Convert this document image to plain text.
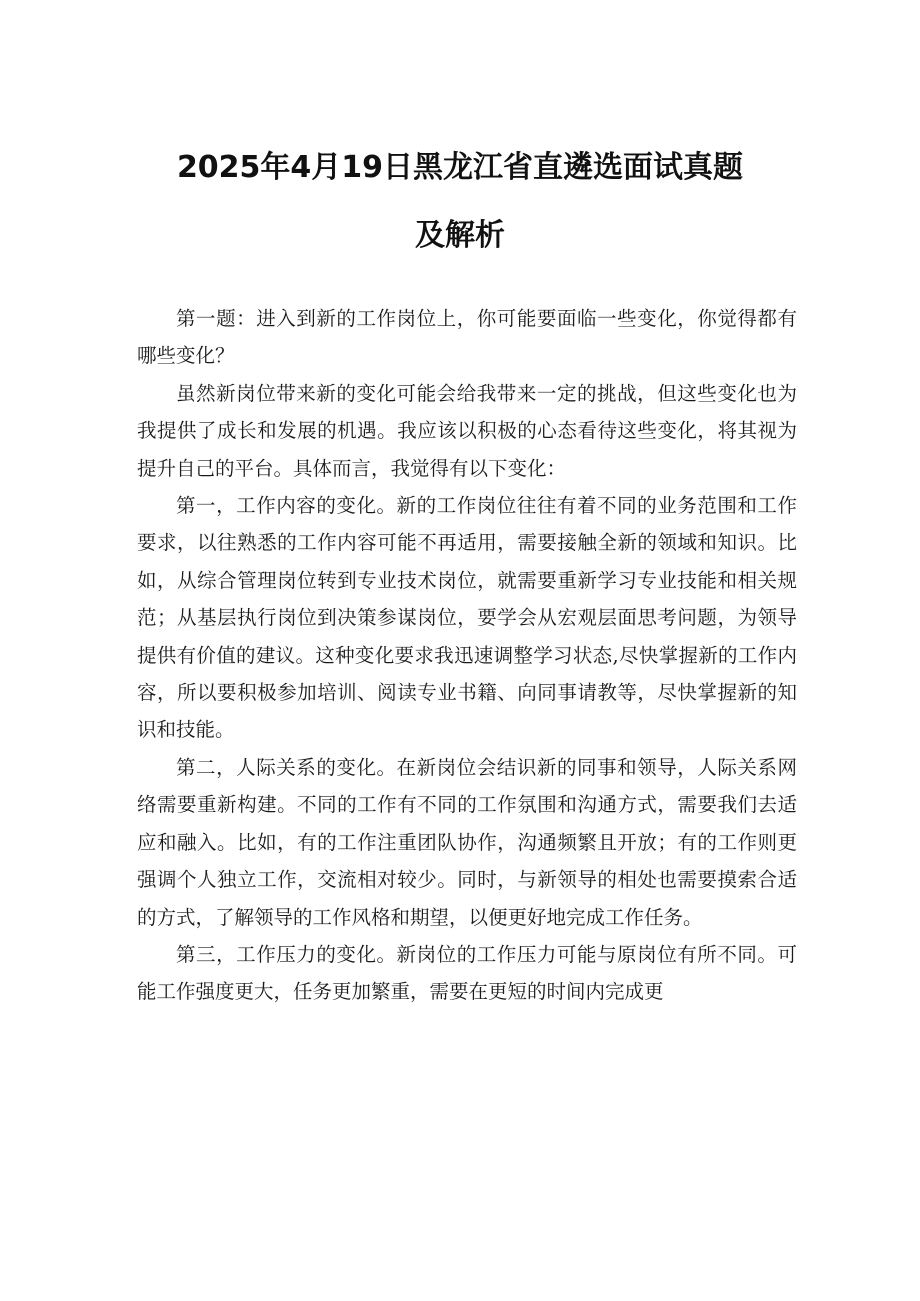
2025年4月19日黑龙江省直遴选面试真题
及解析

第一题：进入到新的工作岗位上，你可能要面临一些变化，你觉得都有哪些变化？

虽然新岗位带来新的变化可能会给我带来一定的挑战，但这些变化也为我提供了成长和发展的机遇。我应该以积极的心态看待这些变化，将其视为提升自己的平台。具体而言，我觉得有以下变化：

第一，工作内容的变化。新的工作岗位往往有着不同的业务范围和工作要求，以往熟悉的工作内容可能不再适用，需要接触全新的领域和知识。比如，从综合管理岗位转到专业技术岗位，就需要重新学习专业技能和相关规范；从基层执行岗位到决策参谋岗位，要学会从宏观层面思考问题，为领导提供有价值的建议。这种变化要求我迅速调整学习状态,尽快掌握新的工作内容，所以要积极参加培训、阅读专业书籍、向同事请教等，尽快掌握新的知识和技能。

第二，人际关系的变化。在新岗位会结识新的同事和领导，人际关系网络需要重新构建。不同的工作有不同的工作氛围和沟通方式，需要我们去适应和融入。比如，有的工作注重团队协作，沟通频繁且开放；有的工作则更强调个人独立工作，交流相对较少。同时，与新领导的相处也需要摸索合适的方式，了解领导的工作风格和期望，以便更好地完成工作任务。

第三，工作压力的变化。新岗位的工作压力可能与原岗位有所不同。可能工作强度更大，任务更加繁重，需要在更短的时间内完成更
